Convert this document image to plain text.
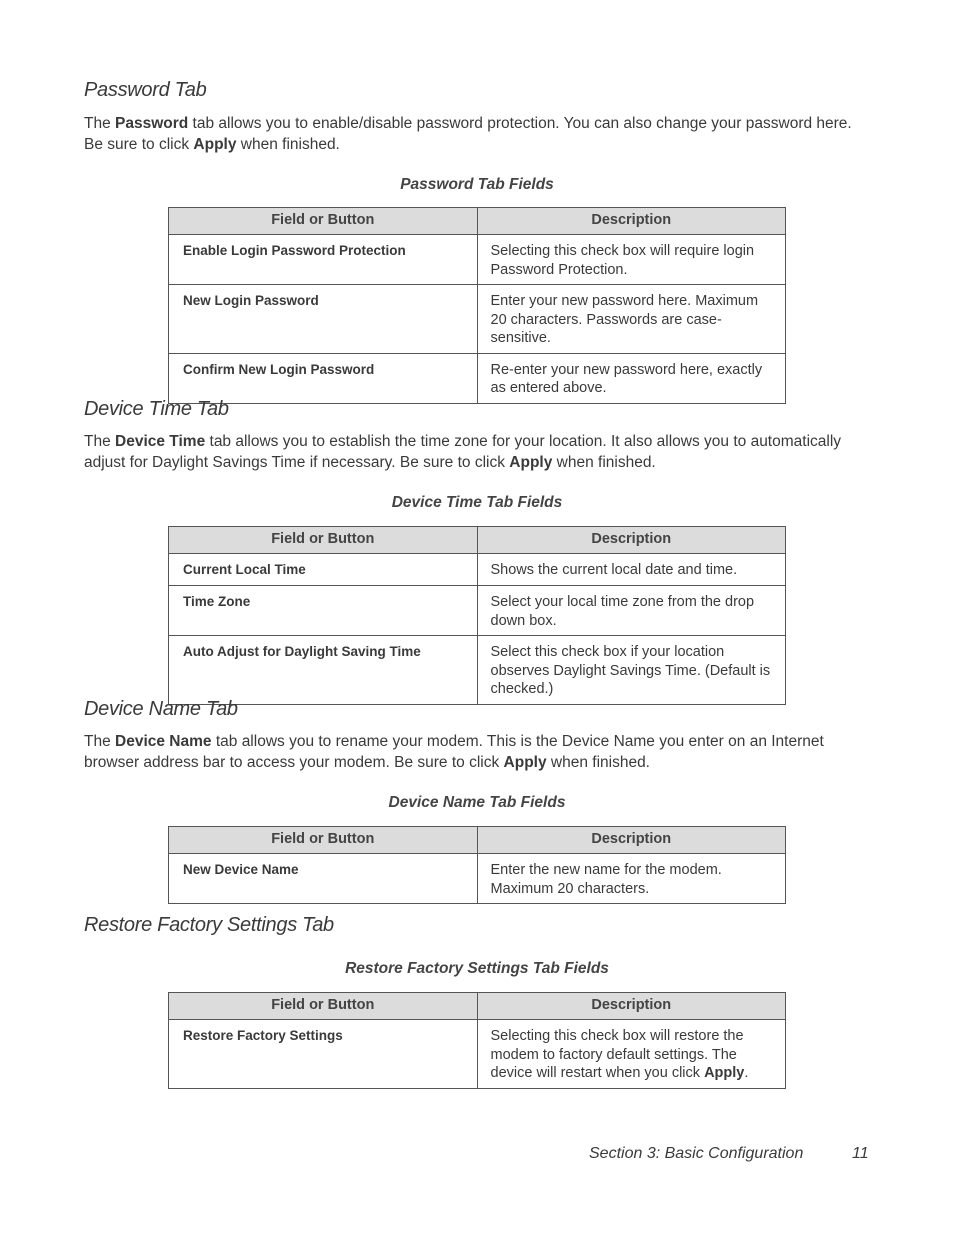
Password Tab

The Password tab allows you to enable/disable password protection. You can also change your password here. Be sure to click Apply when finished.

Password Tab Fields
Field or Button	Description
Enable Login Password Protection	Selecting this check box will require login Password Protection.
New Login Password	Enter your new password here. Maximum 20 characters. Passwords are case-sensitive.
Confirm New Login Password	Re-enter your new password here, exactly as entered above.
Device Time Tab

The Device Time tab allows you to establish the time zone for your location. It also allows you to automatically adjust for Daylight Savings Time if necessary. Be sure to click Apply when finished.

Device Time Tab Fields
Field or Button	Description
Current Local Time	Shows the current local date and time.
Time Zone	Select your local time zone from the drop down box.
Auto Adjust for Daylight Saving Time	Select this check box if your location observes Daylight Savings Time. (Default is checked.)
Device Name Tab

The Device Name tab allows you to rename your modem. This is the Device Name you enter on an Internet browser address bar to access your modem. Be sure to click Apply when finished.

Device Name Tab Fields
Field or Button	Description
New Device Name	Enter the new name for the modem. Maximum 20 characters.
Restore Factory Settings Tab
Restore Factory Settings Tab Fields
Field or Button	Description
Restore Factory Settings	Selecting this check box will restore the modem to factory default settings. The device will restart when you click Apply.
Section 3: Basic Configuration	11
